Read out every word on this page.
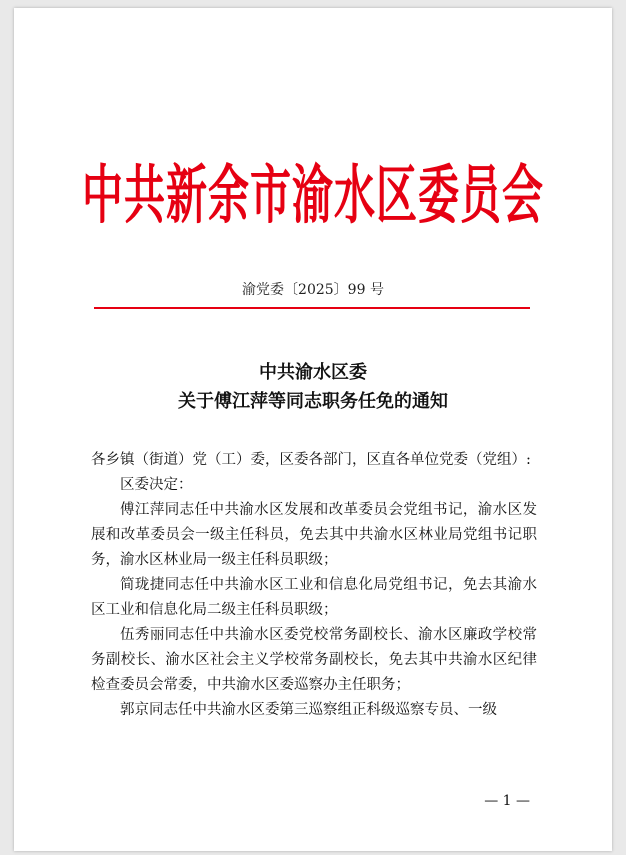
中共新余市渝水区委员会
渝党委〔2025〕99 号
中共渝水区委
关于傅江萍等同志职务任免的通知

各乡镇（街道）党（工）委，区委各部门，区直各单位党委（党组）:

区委决定：

傅江萍同志任中共渝水区发展和改革委员会党组书记，渝水区发展和改革委员会一级主任科员，免去其中共渝水区林业局党组书记职务，渝水区林业局一级主任科员职级；

简珑捷同志任中共渝水区工业和信息化局党组书记，免去其渝水区工业和信息化局二级主任科员职级；

伍秀丽同志任中共渝水区委党校常务副校长、渝水区廉政学校常务副校长、渝水区社会主义学校常务副校长，免去其中共渝水区纪律检查委员会常委，中共渝水区委巡察办主任职务；

郭京同志任中共渝水区委第三巡察组正科级巡察专员、一级

— 1 —
